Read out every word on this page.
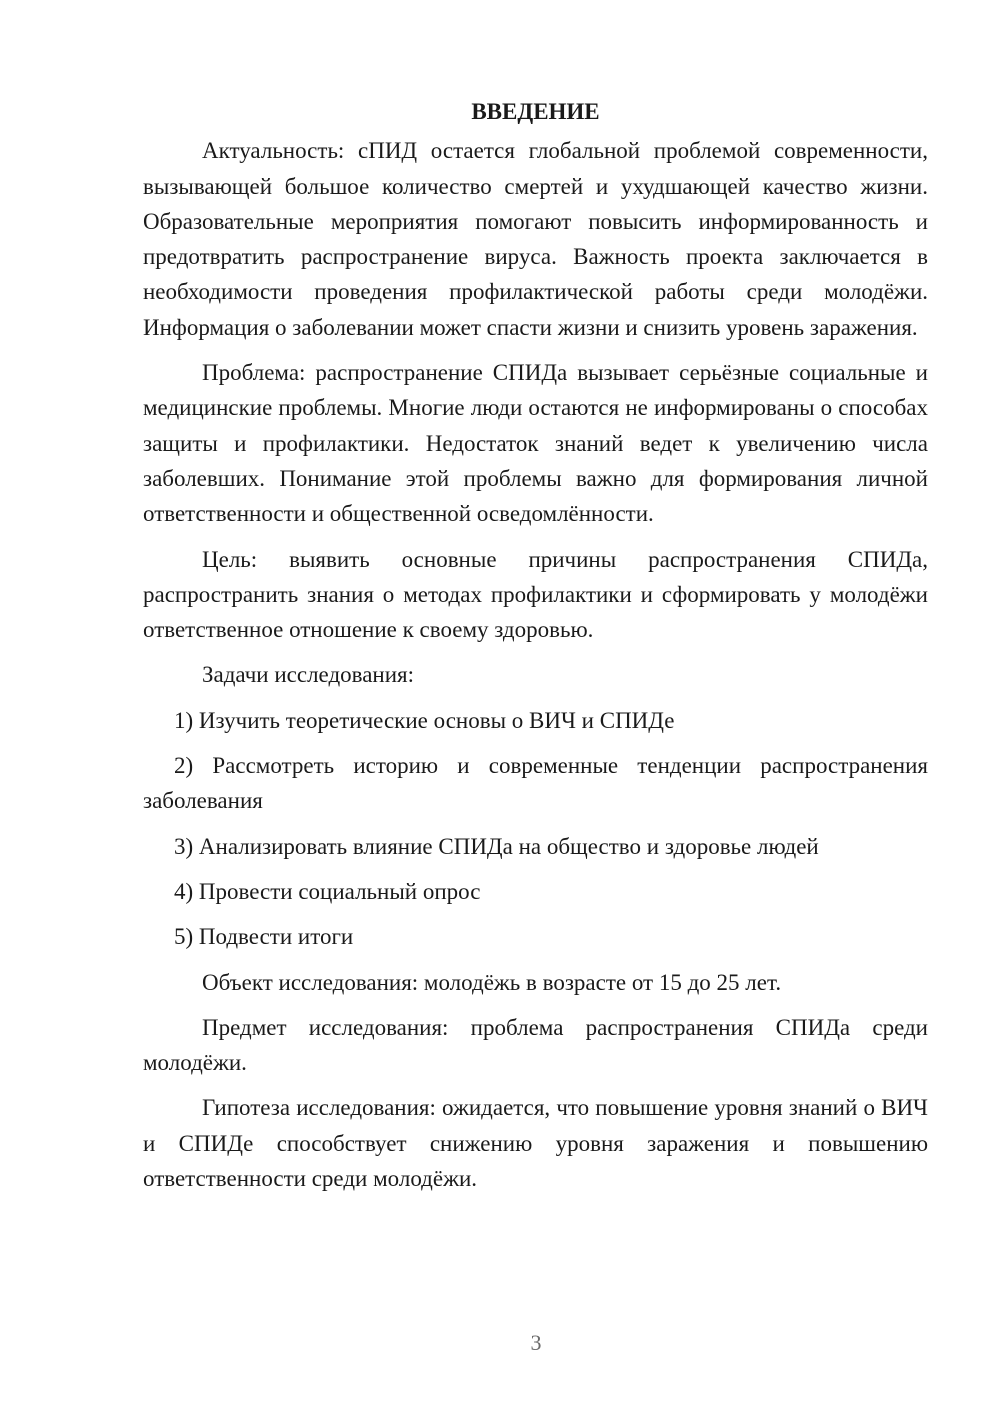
ВВЕДЕНИЕ

Актуальность: сПИД остается глобальной проблемой современности, вызывающей большое количество смертей и ухудшающей качество жизни. Образовательные мероприятия помогают повысить информированность и предотвратить распространение вируса. Важность проекта заключается в необходимости проведения профилактической работы среди молодёжи. Информация о заболевании может спасти жизни и снизить уровень заражения.

Проблема: распространение СПИДа вызывает серьёзные социальные и медицинские проблемы. Многие люди остаются не информированы о способах защиты и профилактики. Недостаток знаний ведет к увеличению числа заболевших. Понимание этой проблемы важно для формирования личной ответственности и общественной осведомлённости.

Цель: выявить основные причины распространения СПИДа, распространить знания о методах профилактики и сформировать у молодёжи ответственное отношение к своему здоровью.

Задачи исследования:

1) Изучить теоретические основы о ВИЧ и СПИДе

2) Рассмотреть историю и современные тенденции распространения заболевания

3) Анализировать влияние СПИДа на общество и здоровье людей

4) Провести социальный опрос

5) Подвести итоги

Объект исследования: молодёжь в возрасте от 15 до 25 лет.

Предмет исследования: проблема распространения СПИДа среди молодёжи.

Гипотеза исследования: ожидается, что повышение уровня знаний о ВИЧ и СПИДе способствует снижению уровня заражения и повышению ответственности среди молодёжи.

3
